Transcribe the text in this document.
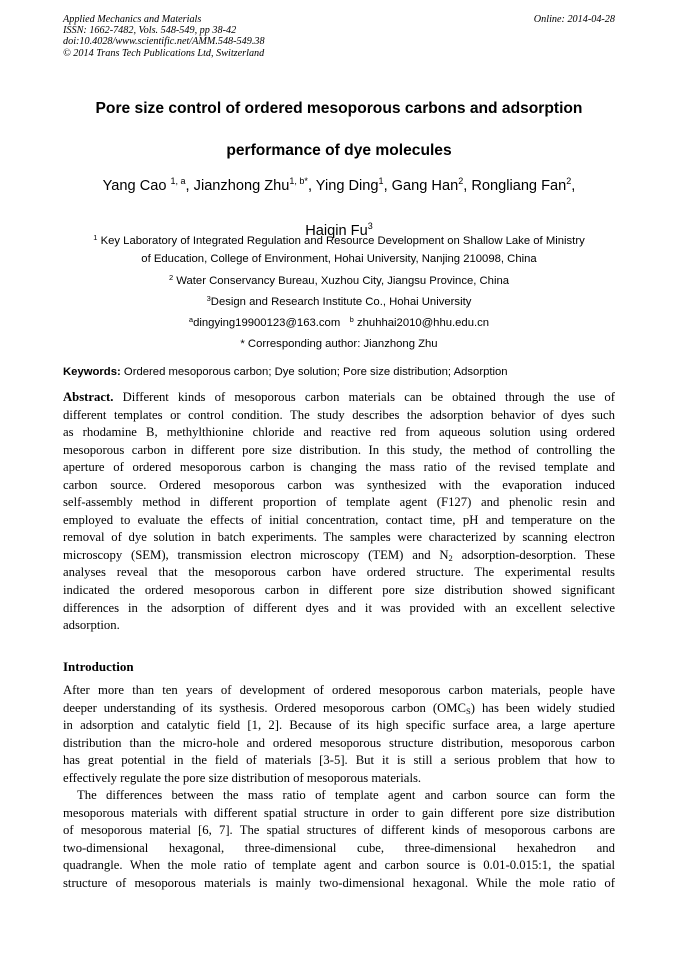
Applied Mechanics and Materials
ISSN: 1662-7482, Vols. 548-549, pp 38-42
doi:10.4028/www.scientific.net/AMM.548-549.38
© 2014 Trans Tech Publications Ltd, Switzerland
Online: 2014-04-28
Pore size control of ordered mesoporous carbons and adsorption
performance of dye molecules
Yang Cao $^{1, a}$, Jianzhong Zhu$^{1, b*}$, Ying Ding$^1$, Gang Han$^2$, Rongliang Fan$^2$,
Haiqin Fu$^3$
$^1$ Key Laboratory of Integrated Regulation and Resource Development on Shallow Lake of Ministry
of Education, College of Environment, Hohai University, Nanjing 210098, China
$^2$ Water Conservancy Bureau, Xuzhou City, Jiangsu Province, China
$^3$Design and Research Institute Co., Hohai University
$^a$dingying19900123@163.com $^b$ zhuhhai2010@hhu.edu.cn
* Corresponding author: Jianzhong Zhu
Keywords: Ordered mesoporous carbon; Dye solution; Pore size distribution; Adsorption
Abstract. Different kinds of mesoporous carbon materials can be obtained through the use of
different templates or control condition. The study describes the adsorption behavior of dyes such
as rhodamine B, methylthionine chloride and reactive red from aqueous solution using ordered
mesoporous carbon in different pore size distribution. In this study, the method of controlling the
aperture of ordered mesoporous carbon is changing the mass ratio of the revised template and
carbon source. Ordered mesoporous carbon was synthesized with the evaporation induced
self-assembly method in different proportion of template agent (F127) and phenolic resin and
employed to evaluate the effects of initial concentration, contact time, pH and temperature on the
removal of dye solution in batch experiments. The samples were characterized by scanning electron
microscopy (SEM), transmission electron microscopy (TEM) and $N_2$ adsorption-desorption. These
analyses reveal that the mesoporous carbon have ordered structure. The experimental results
indicated the ordered mesoporous carbon in different pore size distribution showed significant
differences in the adsorption of different dyes and it was provided with an excellent selective
adsorption.
Introduction
After more than ten years of development of ordered mesoporous carbon materials, people have
deeper understanding of its systhesis. Ordered mesoporous carbon $(OMC_S)$ has been widely studied
in adsorption and catalytic field [1, 2]. Because of its high specific surface area, a large aperture
distribution than the micro-hole and ordered mesoporous structure distribution, mesoporous carbon
has great potential in the field of materials [3-5]. But it is still a serious problem that how to
effectively regulate the pore size distribution of mesoporous materials.
The differences between the mass ratio of template agent and carbon source can form the
mesoporous materials with different spatial structure in order to gain different pore size distribution
of mesoporous material [6, 7]. The spatial structures of different kinds of mesoporous carbons are
two-dimensional hexagonal, three-dimensional cube, three-dimensional hexahedron and
quadrangle. When the mole ratio of template agent and carbon source is 0.01-0.015:1, the spatial
structure of mesoporous materials is mainly two-dimensional hexagonal. While the mole ratio of
